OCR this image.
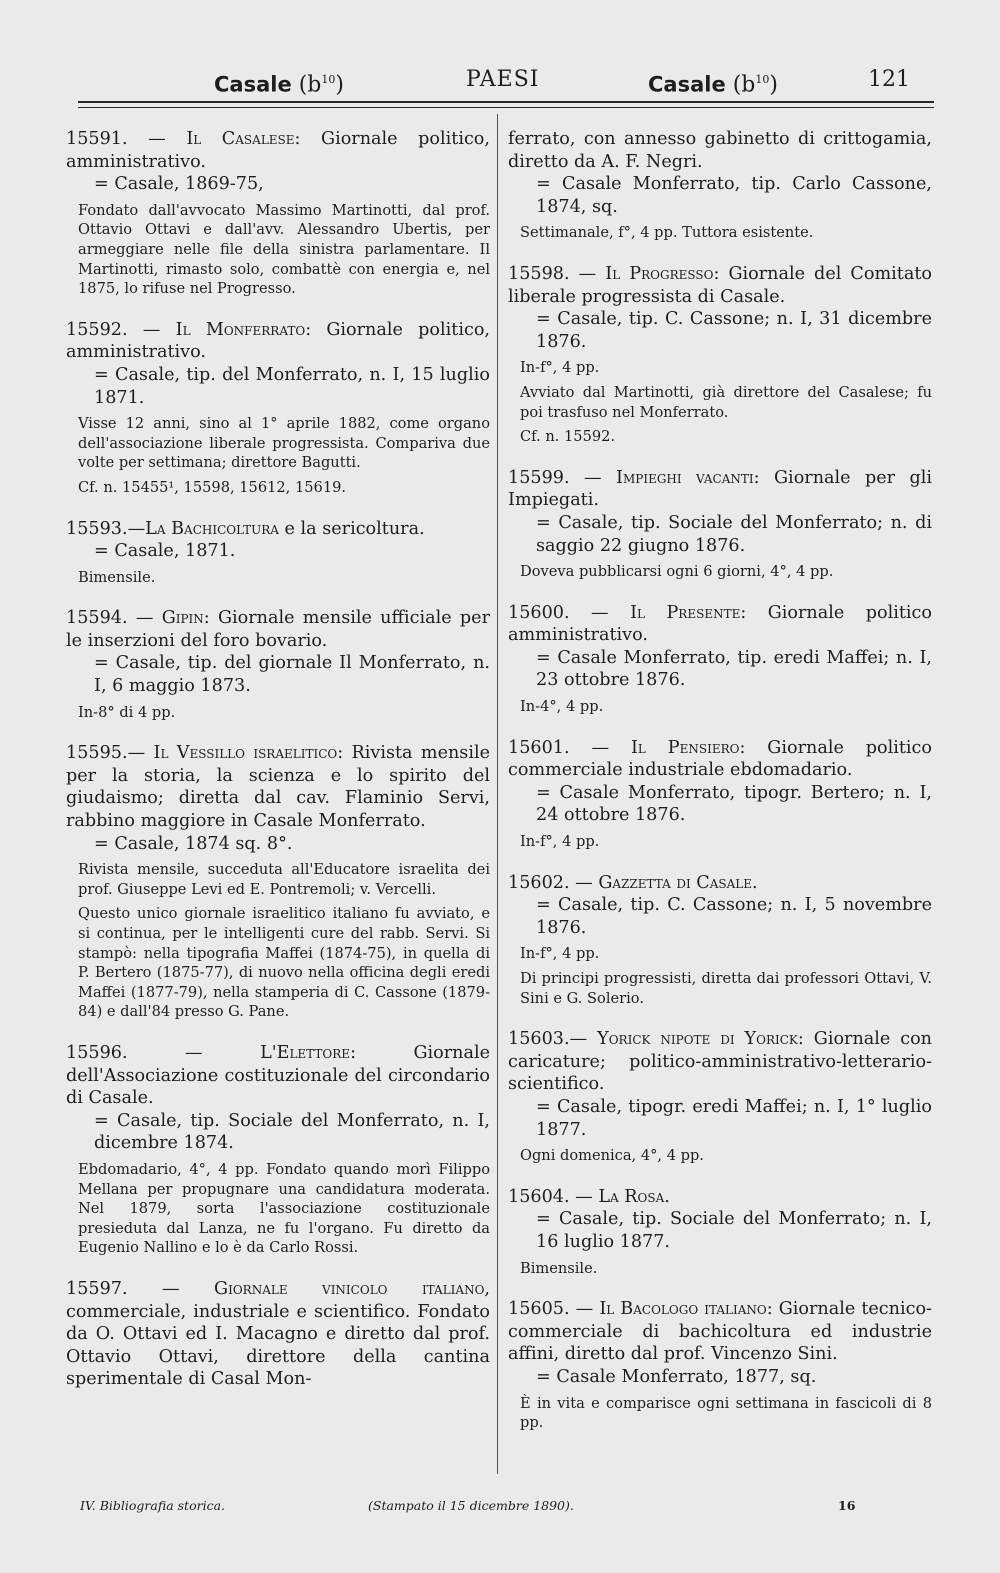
Casale $(b^{10})$	PAESI	Casale $(b^{10})$	121

15591. — Il Casalese: Giornale politico, amministrativo.

= Casale, 1869-75,

Fondato dall'avvocato Massimo Martinotti, dal prof. Ottavio Ottavi e dall'avv. Alessandro Ubertis, per armeggiare nelle file della sinistra parlamentare. Il Martinotti, rimasto solo, combattè con energia e, nel 1875, lo rifuse nel Progresso.

15592. — Il Monferrato: Giornale politico, amministrativo.

= Casale, tip. del Monferrato, n. I, 15 luglio 1871.

Visse 12 anni, sino al 1° aprile 1882, come organo dell'associazione liberale progressista. Compariva due volte per settimana; direttore Bagutti.

Cf. n. 15455¹, 15598, 15612, 15619.

15593.—La Bachicoltura e la sericoltura.

= Casale, 1871.

Bimensile.

15594. — Gipin: Giornale mensile ufficiale per le inserzioni del foro bovario.

= Casale, tip. del giornale Il Monferrato, n. I, 6 maggio 1873.

In-8° di 4 pp.

15595.— Il Vessillo israelitico: Rivista mensile per la storia, la scienza e lo spirito del giudaismo; diretta dal cav. Flaminio Servi, rabbino maggiore in Casale Monferrato.

= Casale, 1874 sq. 8°.

Rivista mensile, succeduta all'Educatore israelita dei prof. Giuseppe Levi ed E. Pontremoli; v. Vercelli.

Questo unico giornale israelitico italiano fu avviato, e si continua, per le intelligenti cure del rabb. Servi. Si stampò: nella tipografia Maffei (1874-75), in quella di P. Bertero (1875-77), di nuovo nella officina degli eredi Maffei (1877-79), nella stamperia di C. Cassone (1879-84) e dall'84 presso G. Pane.

15596. — L'Elettore: Giornale dell'Associazione costituzionale del circondario di Casale.

= Casale, tip. Sociale del Monferrato, n. I, dicembre 1874.

Ebdomadario, 4°, 4 pp. Fondato quando morì Filippo Mellana per propugnare una candidatura moderata. Nel 1879, sorta l'associazione costituzionale presieduta dal Lanza, ne fu l'organo. Fu diretto da Eugenio Nallino e lo è da Carlo Rossi.

15597. — Giornale vinicolo italiano, commerciale, industriale e scientifico. Fondato da O. Ottavi ed I. Macagno e diretto dal prof. Ottavio Ottavi, direttore della cantina sperimentale di Casal Mon-

ferrato, con annesso gabinetto di crittogamia, diretto da A. F. Negri.

= Casale Monferrato, tip. Carlo Cassone, 1874, sq.

Settimanale, f°, 4 pp. Tuttora esistente.

15598. — Il Progresso: Giornale del Comitato liberale progressista di Casale.

= Casale, tip. C. Cassone; n. I, 31 dicembre 1876.

In-f°, 4 pp.

Avviato dal Martinotti, già direttore del Casalese; fu poi trasfuso nel Monferrato.

Cf. n. 15592.

15599. — Impieghi vacanti: Giornale per gli Impiegati.

= Casale, tip. Sociale del Monferrato; n. di saggio 22 giugno 1876.

Doveva pubblicarsi ogni 6 giorni, 4°, 4 pp.

15600. — Il Presente: Giornale politico amministrativo.

= Casale Monferrato, tip. eredi Maffei; n. I, 23 ottobre 1876.

In-4°, 4 pp.

15601. — Il Pensiero: Giornale politico commerciale industriale ebdomadario.

= Casale Monferrato, tipogr. Bertero; n. I, 24 ottobre 1876.

In-f°, 4 pp.

15602. — Gazzetta di Casale.

= Casale, tip. C. Cassone; n. I, 5 novembre 1876.

In-f°, 4 pp.

Di principi progressisti, diretta dai professori Ottavi, V. Sini e G. Solerio.

15603.— Yorick nipote di Yorick: Giornale con caricature; politico-amministrativo-letterario-scientifico.

= Casale, tipogr. eredi Maffei; n. I, 1° luglio 1877.

Ogni domenica, 4°, 4 pp.

15604. — La Rosa.

= Casale, tip. Sociale del Monferrato; n. I, 16 luglio 1877.

Bimensile.

15605. — Il Bacologo italiano: Giornale tecnico-commerciale di bachicoltura ed industrie affini, diretto dal prof. Vincenzo Sini.

= Casale Monferrato, 1877, sq.

È in vita e comparisce ogni settimana in fascicoli di 8 pp.

IV. Bibliografia storica.	(Stampato il 15 dicembre 1890).	16
